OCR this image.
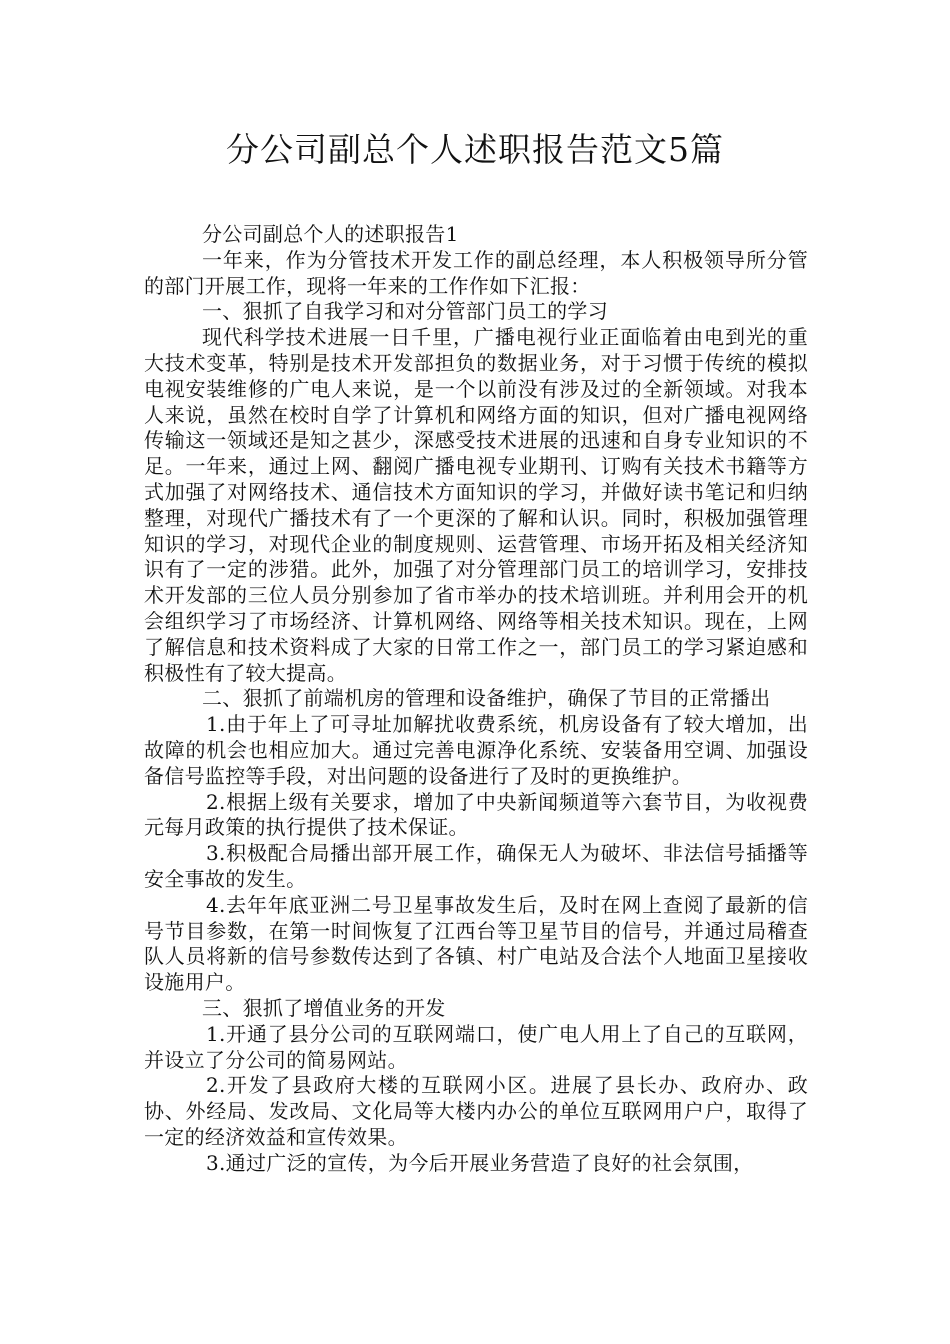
分公司副总个人述职报告范文5篇

分公司副总个人的述职报告1

一年来，作为分管技术开发工作的副总经理，本人积极领导所分管的部门开展工作，现将一年来的工作作如下汇报：

一、狠抓了自我学习和对分管部门员工的学习

现代科学技术进展一日千里，广播电视行业正面临着由电到光的重大技术变革，特别是技术开发部担负的数据业务，对于习惯于传统的模拟电视安装维修的广电人来说，是一个以前没有涉及过的全新领域。对我本人来说，虽然在校时自学了计算机和网络方面的知识，但对广播电视网络传输这一领域还是知之甚少，深感受技术进展的迅速和自身专业知识的不足。一年来，通过上网、翻阅广播电视专业期刊、订购有关技术书籍等方式加强了对网络技术、通信技术方面知识的学习，并做好读书笔记和归纳整理，对现代广播技术有了一个更深的了解和认识。同时，积极加强管理知识的学习，对现代企业的制度规则、运营管理、市场开拓及相关经济知识有了一定的涉猎。此外，加强了对分管理部门员工的培训学习，安排技术开发部的三位人员分别参加了省市举办的技术培训班。并利用会开的机会组织学习了市场经济、计算机网络、网络等相关技术知识。现在，上网了解信息和技术资料成了大家的日常工作之一，部门员工的学习紧迫感和积极性有了较大提高。

二、狠抓了前端机房的管理和设备维护，确保了节目的正常播出

1.由于年上了可寻址加解扰收费系统，机房设备有了较大增加，出故障的机会也相应加大。通过完善电源净化系统、安装备用空调、加强设备信号监控等手段，对出问题的设备进行了及时的更换维护。

2.根据上级有关要求，增加了中央新闻频道等六套节目，为收视费元每月政策的执行提供了技术保证。

3.积极配合局播出部开展工作，确保无人为破坏、非法信号插播等安全事故的发生。

4.去年年底亚洲二号卫星事故发生后，及时在网上查阅了最新的信号节目参数，在第一时间恢复了江西台等卫星节目的信号，并通过局稽查队人员将新的信号参数传达到了各镇、村广电站及合法个人地面卫星接收设施用户。

三、狠抓了增值业务的开发

1.开通了县分公司的互联网端口，使广电人用上了自己的互联网，并设立了分公司的简易网站。

2.开发了县政府大楼的互联网小区。进展了县长办、政府办、政协、外经局、发改局、文化局等大楼内办公的单位互联网用户户，取得了一定的经济效益和宣传效果。

3.通过广泛的宣传，为今后开展业务营造了良好的社会氛围，
